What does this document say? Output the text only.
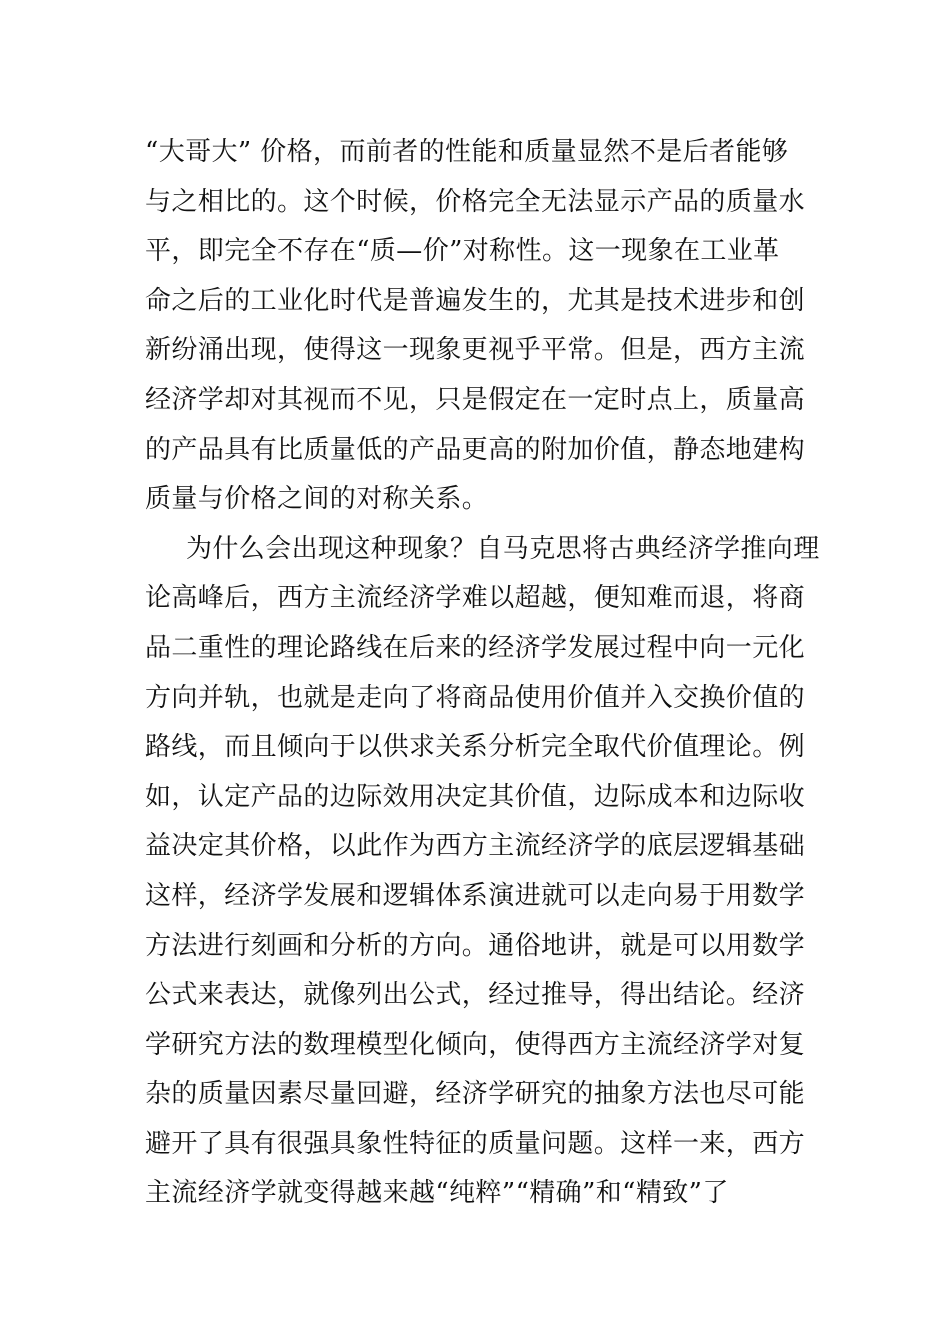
“大哥大” 价格，而前者的性能和质量显然不是后者能够
与之相比的。这个时候，价格完全无法显示产品的质量水
平，即完全不存在“质—价”对称性。这一现象在工业革
命之后的工业化时代是普遍发生的，尤其是技术进步和创
新纷涌出现，使得这一现象更视乎平常。但是，西方主流
经济学却对其视而不见，只是假定在一定时点上，质量高
的产品具有比质量低的产品更高的附加价值，静态地建构
质量与价格之间的对称关系。
为什么会出现这种现象？自马克思将古典经济学推向理
论高峰后，西方主流经济学难以超越，便知难而退，将商
品二重性的理论路线在后来的经济学发展过程中向一元化
方向并轨，也就是走向了将商品使用价值并入交换价值的
路线，而且倾向于以供求关系分析完全取代价值理论。例
如，认定产品的边际效用决定其价值，边际成本和边际收
益决定其价格，以此作为西方主流经济学的底层逻辑基础
这样，经济学发展和逻辑体系演进就可以走向易于用数学
方法进行刻画和分析的方向。通俗地讲，就是可以用数学
公式来表达，就像列出公式，经过推导，得出结论。经济
学研究方法的数理模型化倾向，使得西方主流经济学对复
杂的质量因素尽量回避，经济学研究的抽象方法也尽可能
避开了具有很强具象性特征的质量问题。这样一来，西方
主流经济学就变得越来越“纯粹”“精确”和“精致”了
